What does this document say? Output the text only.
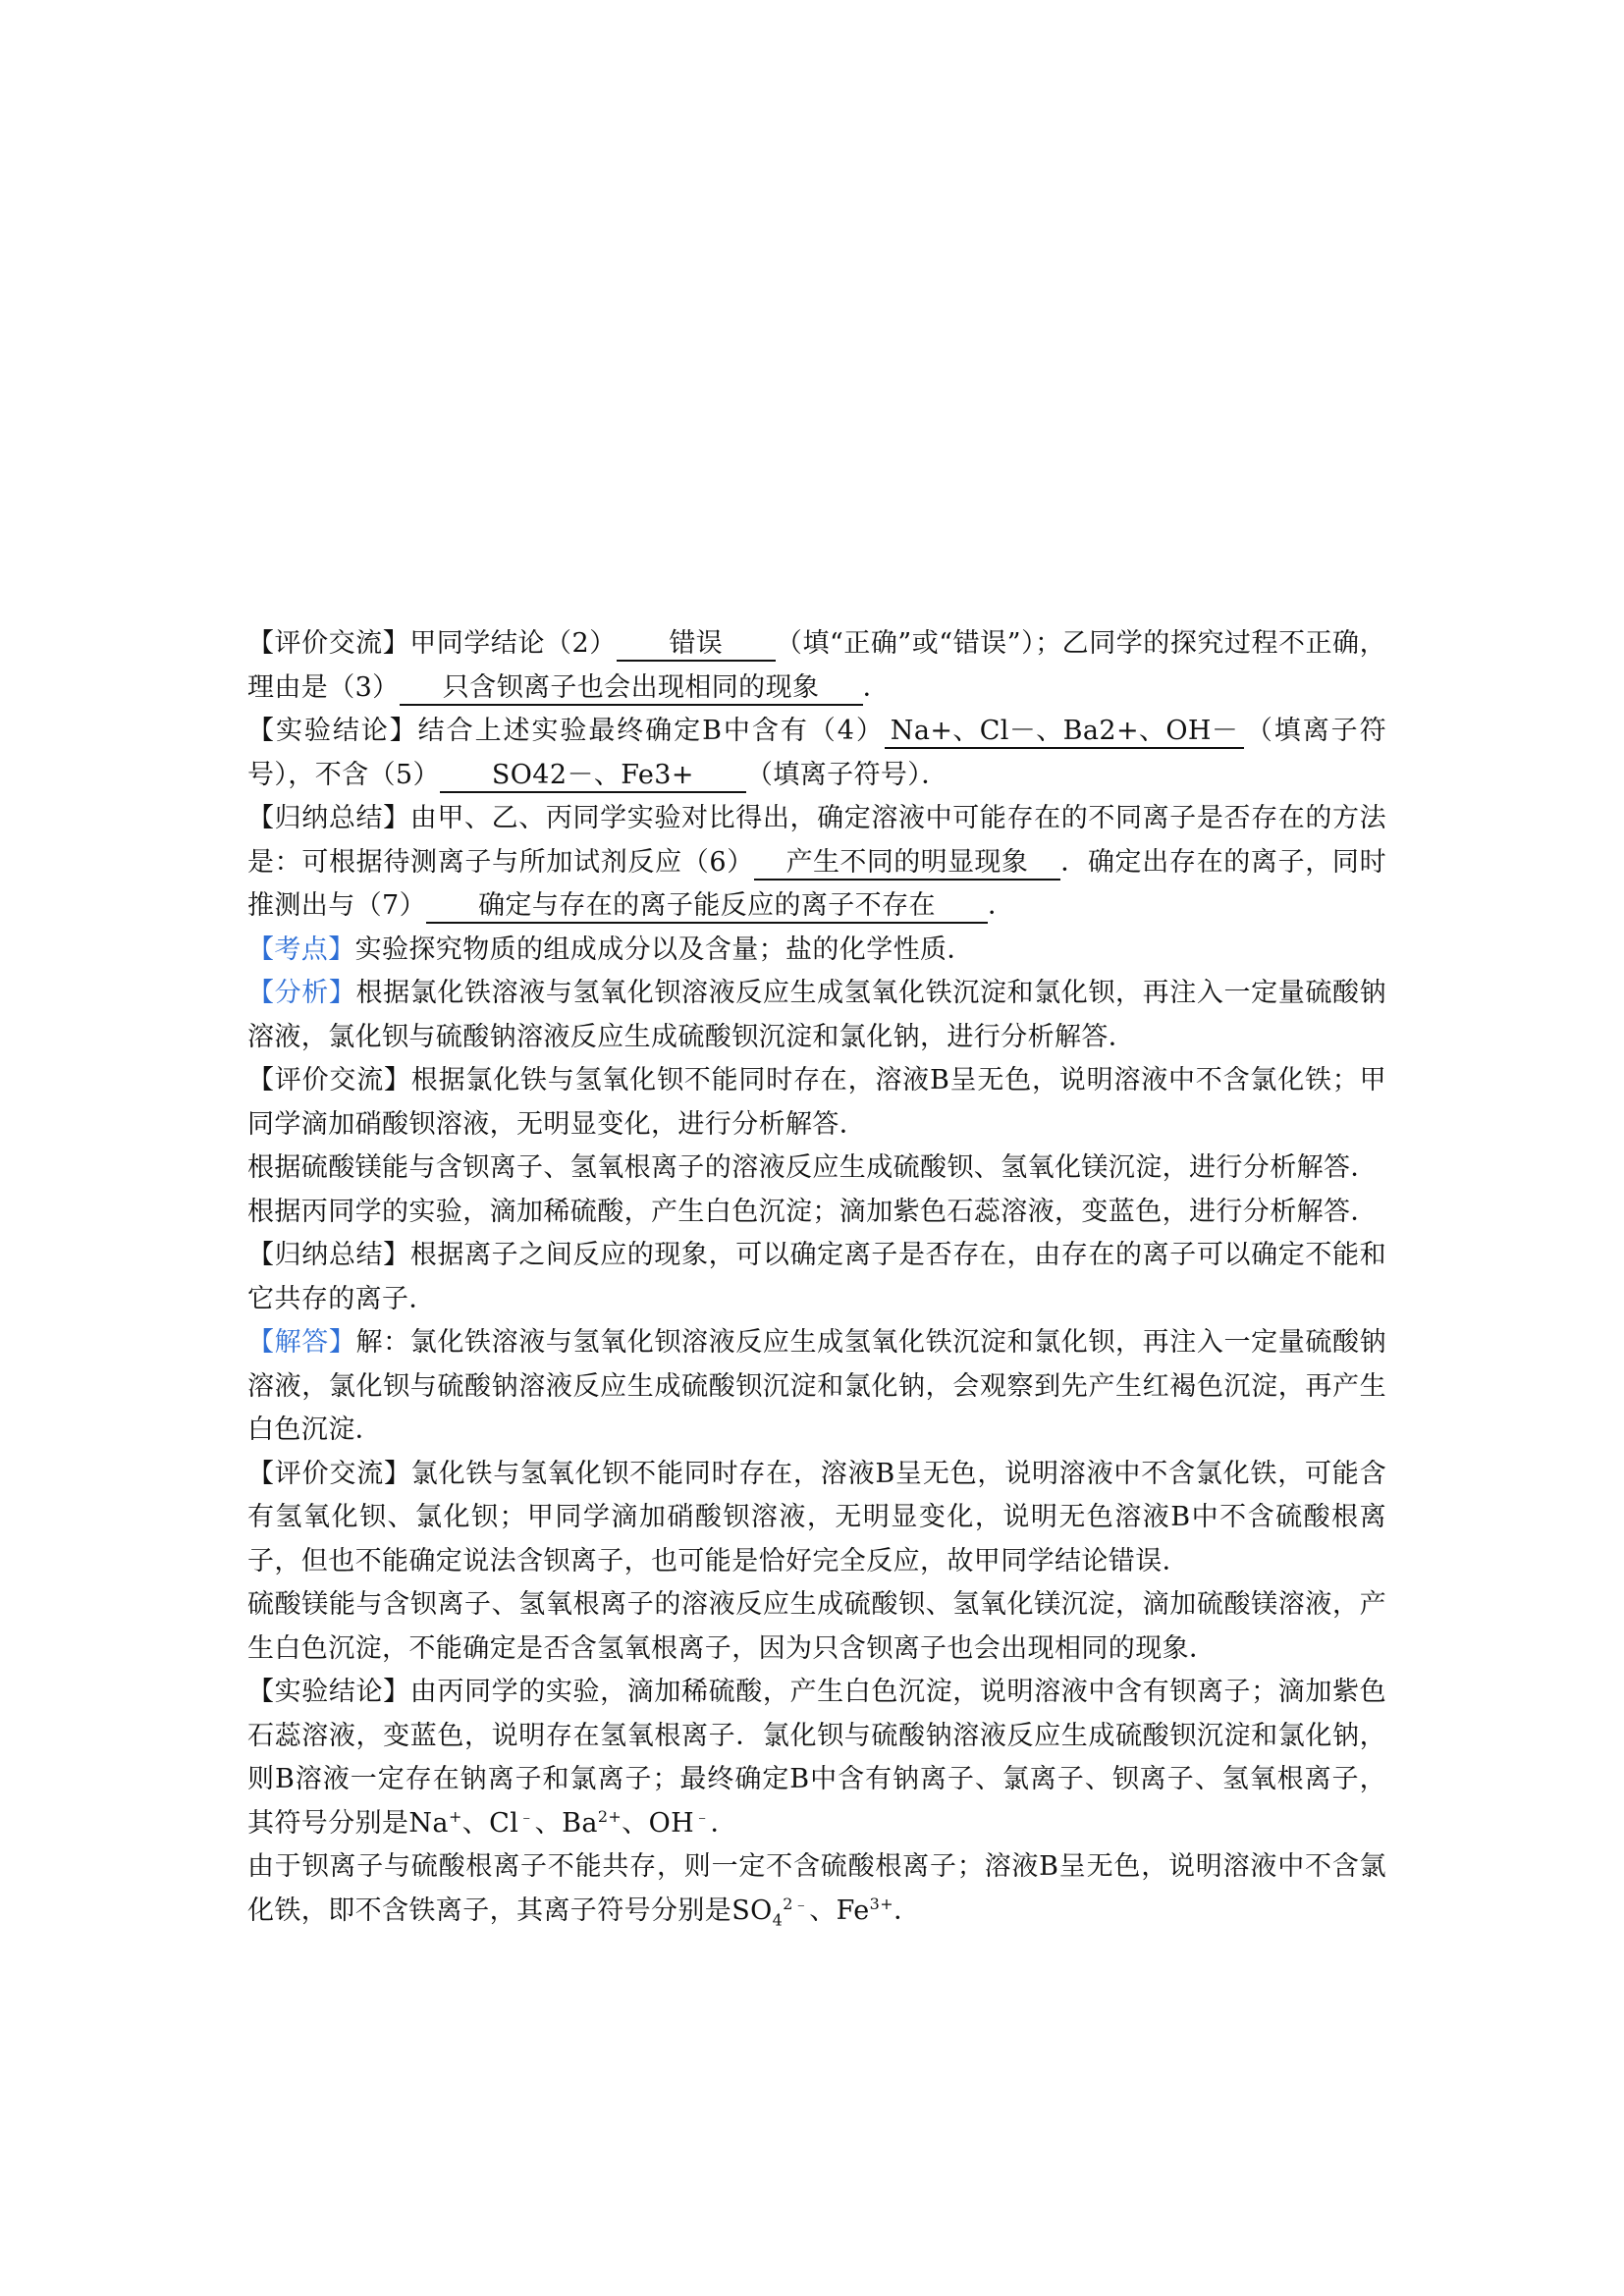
【评价交流】甲同学结论（2） 错误 （填“正确”或“错误”）；乙同学的探究过程不正确，理由是（3） 只含钡离子也会出现相同的现象 ．

【实验结论】结合上述实验最终确定B中含有（4） Na+、Cl－、Ba2+、OH－ （填离子符号），不含（5） SO42－、Fe3+ （填离子符号）．

【归纳总结】由甲、乙、丙同学实验对比得出，确定溶液中可能存在的不同离子是否存在的方法是：可根据待测离子与所加试剂反应（6） 产生不同的明显现象 ．确定出存在的离子，同时推测出与（7） 确定与存在的离子能反应的离子不存在 ．

【考点】实验探究物质的组成成分以及含量；盐的化学性质．

【分析】根据氯化铁溶液与氢氧化钡溶液反应生成氢氧化铁沉淀和氯化钡，再注入一定量硫酸钠溶液，氯化钡与硫酸钠溶液反应生成硫酸钡沉淀和氯化钠，进行分析解答．

【评价交流】根据氯化铁与氢氧化钡不能同时存在，溶液B呈无色，说明溶液中不含氯化铁；甲同学滴加硝酸钡溶液，无明显变化，进行分析解答．

根据硫酸镁能与含钡离子、氢氧根离子的溶液反应生成硫酸钡、氢氧化镁沉淀，进行分析解答．

根据丙同学的实验，滴加稀硫酸，产生白色沉淀；滴加紫色石蕊溶液，变蓝色，进行分析解答．

【归纳总结】根据离子之间反应的现象，可以确定离子是否存在，由存在的离子可以确定不能和它共存的离子．

【解答】解：氯化铁溶液与氢氧化钡溶液反应生成氢氧化铁沉淀和氯化钡，再注入一定量硫酸钠溶液，氯化钡与硫酸钠溶液反应生成硫酸钡沉淀和氯化钠，会观察到先产生红褐色沉淀，再产生白色沉淀．

【评价交流】氯化铁与氢氧化钡不能同时存在，溶液B呈无色，说明溶液中不含氯化铁，可能含有氢氧化钡、氯化钡；甲同学滴加硝酸钡溶液，无明显变化，说明无色溶液B中不含硫酸根离子，但也不能确定说法含钡离子，也可能是恰好完全反应，故甲同学结论错误．

硫酸镁能与含钡离子、氢氧根离子的溶液反应生成硫酸钡、氢氧化镁沉淀，滴加硫酸镁溶液，产生白色沉淀，不能确定是否含氢氧根离子，因为只含钡离子也会出现相同的现象．

【实验结论】由丙同学的实验，滴加稀硫酸，产生白色沉淀，说明溶液中含有钡离子；滴加紫色石蕊溶液，变蓝色，说明存在氢氧根离子．氯化钡与硫酸钠溶液反应生成硫酸钡沉淀和氯化钠，则B溶液一定存在钠离子和氯离子；最终确定B中含有钠离子、氯离子、钡离子、氢氧根离子，其符号分别是Na+、Cl﹣、$Ba^{2+}$、OH﹣．

由于钡离子与硫酸根离子不能共存，则一定不含硫酸根离子；溶液B呈无色，说明溶液中不含氯化铁，即不含铁离子，其离子符号分别是$SO_4^{2﹣}$、$Fe^{3+}$．
